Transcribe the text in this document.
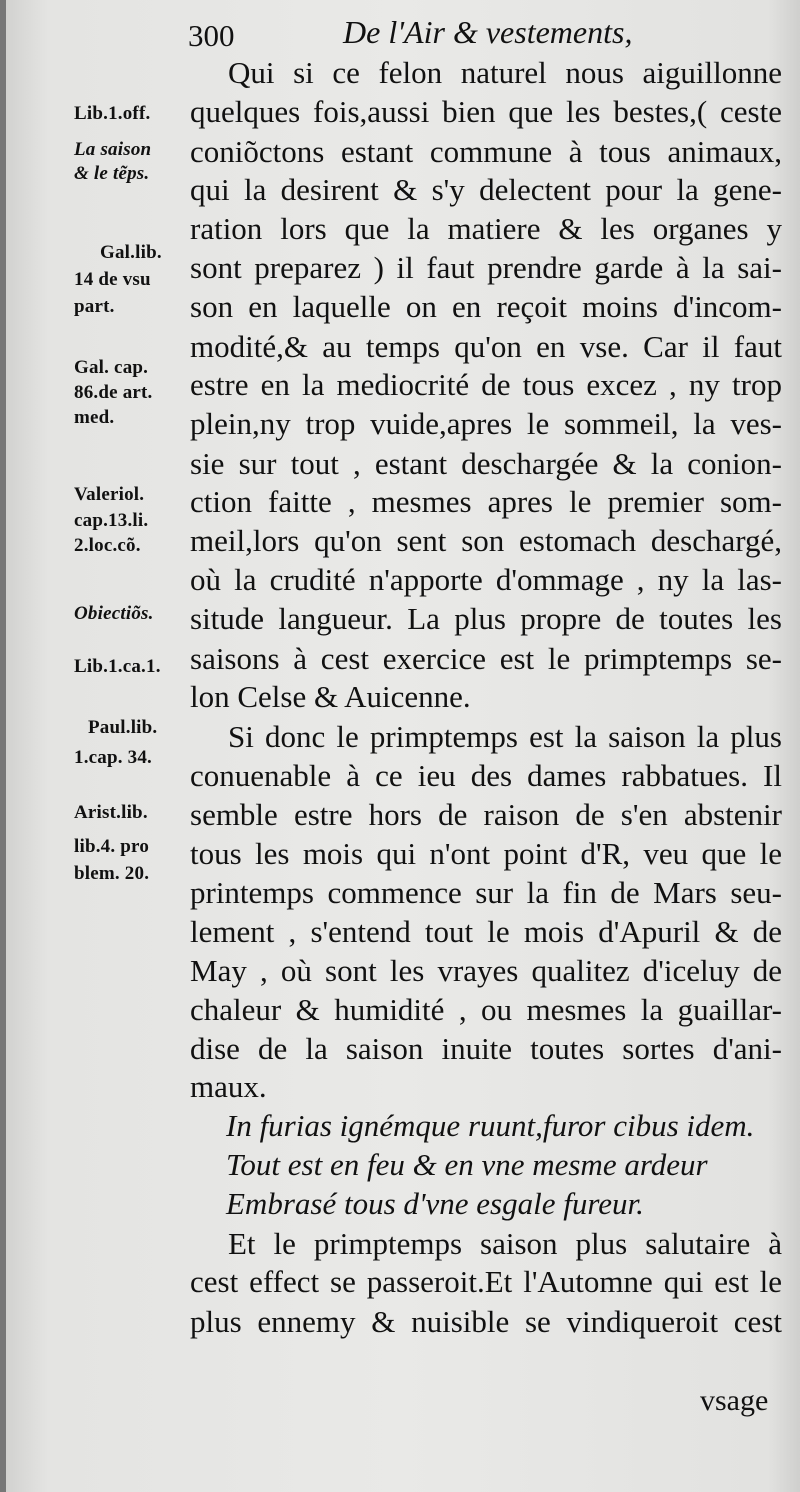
300	De l'Air & vestements,
Lib.1.off.
La saison
& le tẽps.
Gal.lib.
14 de vsu
part.
Gal. cap.
86.de art.
med.
Valeriol.
cap.13.li.
2.loc.cõ.
Obiectiõs.
Lib.1.ca.1.
Paul.lib.
1.cap. 34.
Arist.lib.
lib.4. pro
blem. 20.
Qui si ce felon naturel nous aiguillonne
quelques fois,aussi bien que les bestes,( ceste
coniõctons estant commune à tous animaux,
qui la desirent & s'y delectent pour la gene-
ration lors que la matiere & les organes y
sont preparez ) il faut prendre garde à la sai-
son en laquelle on en reçoit moins d'incom-
modité,& au temps qu'on en vse. Car il faut
estre en la mediocrité de tous excez , ny trop
plein,ny trop vuide,apres le sommeil, la ves-
sie sur tout , estant deschargée & la conion-
ction faitte , mesmes apres le premier som-
meil,lors qu'on sent son estomach deschargé,
où la crudité n'apporte d'ommage , ny la las-
situde langueur. La plus propre de toutes les
saisons à cest exercice est le primptemps se-
lon Celse & Auicenne.
Si donc le primptemps est la saison la plus
conuenable à ce ieu des dames rabbatues. Il
semble estre hors de raison de s'en abstenir
tous les mois qui n'ont point d'R, veu que le
printemps commence sur la fin de Mars seu-
lement , s'entend tout le mois d'Apuril & de
May , où sont les vrayes qualitez d'iceluy de
chaleur & humidité , ou mesmes la guaillar-
dise de la saison inuite toutes sortes d'ani-
maux.
In furias ignémque ruunt,furor cibus idem.
Tout est en feu & en vne mesme ardeur
Embrasé tous d'vne esgale fureur.
Et le primptemps saison plus salutaire à
cest effect se passeroit.Et l'Automne qui est le
plus ennemy & nuisible se vindiqueroit cest
vsage
